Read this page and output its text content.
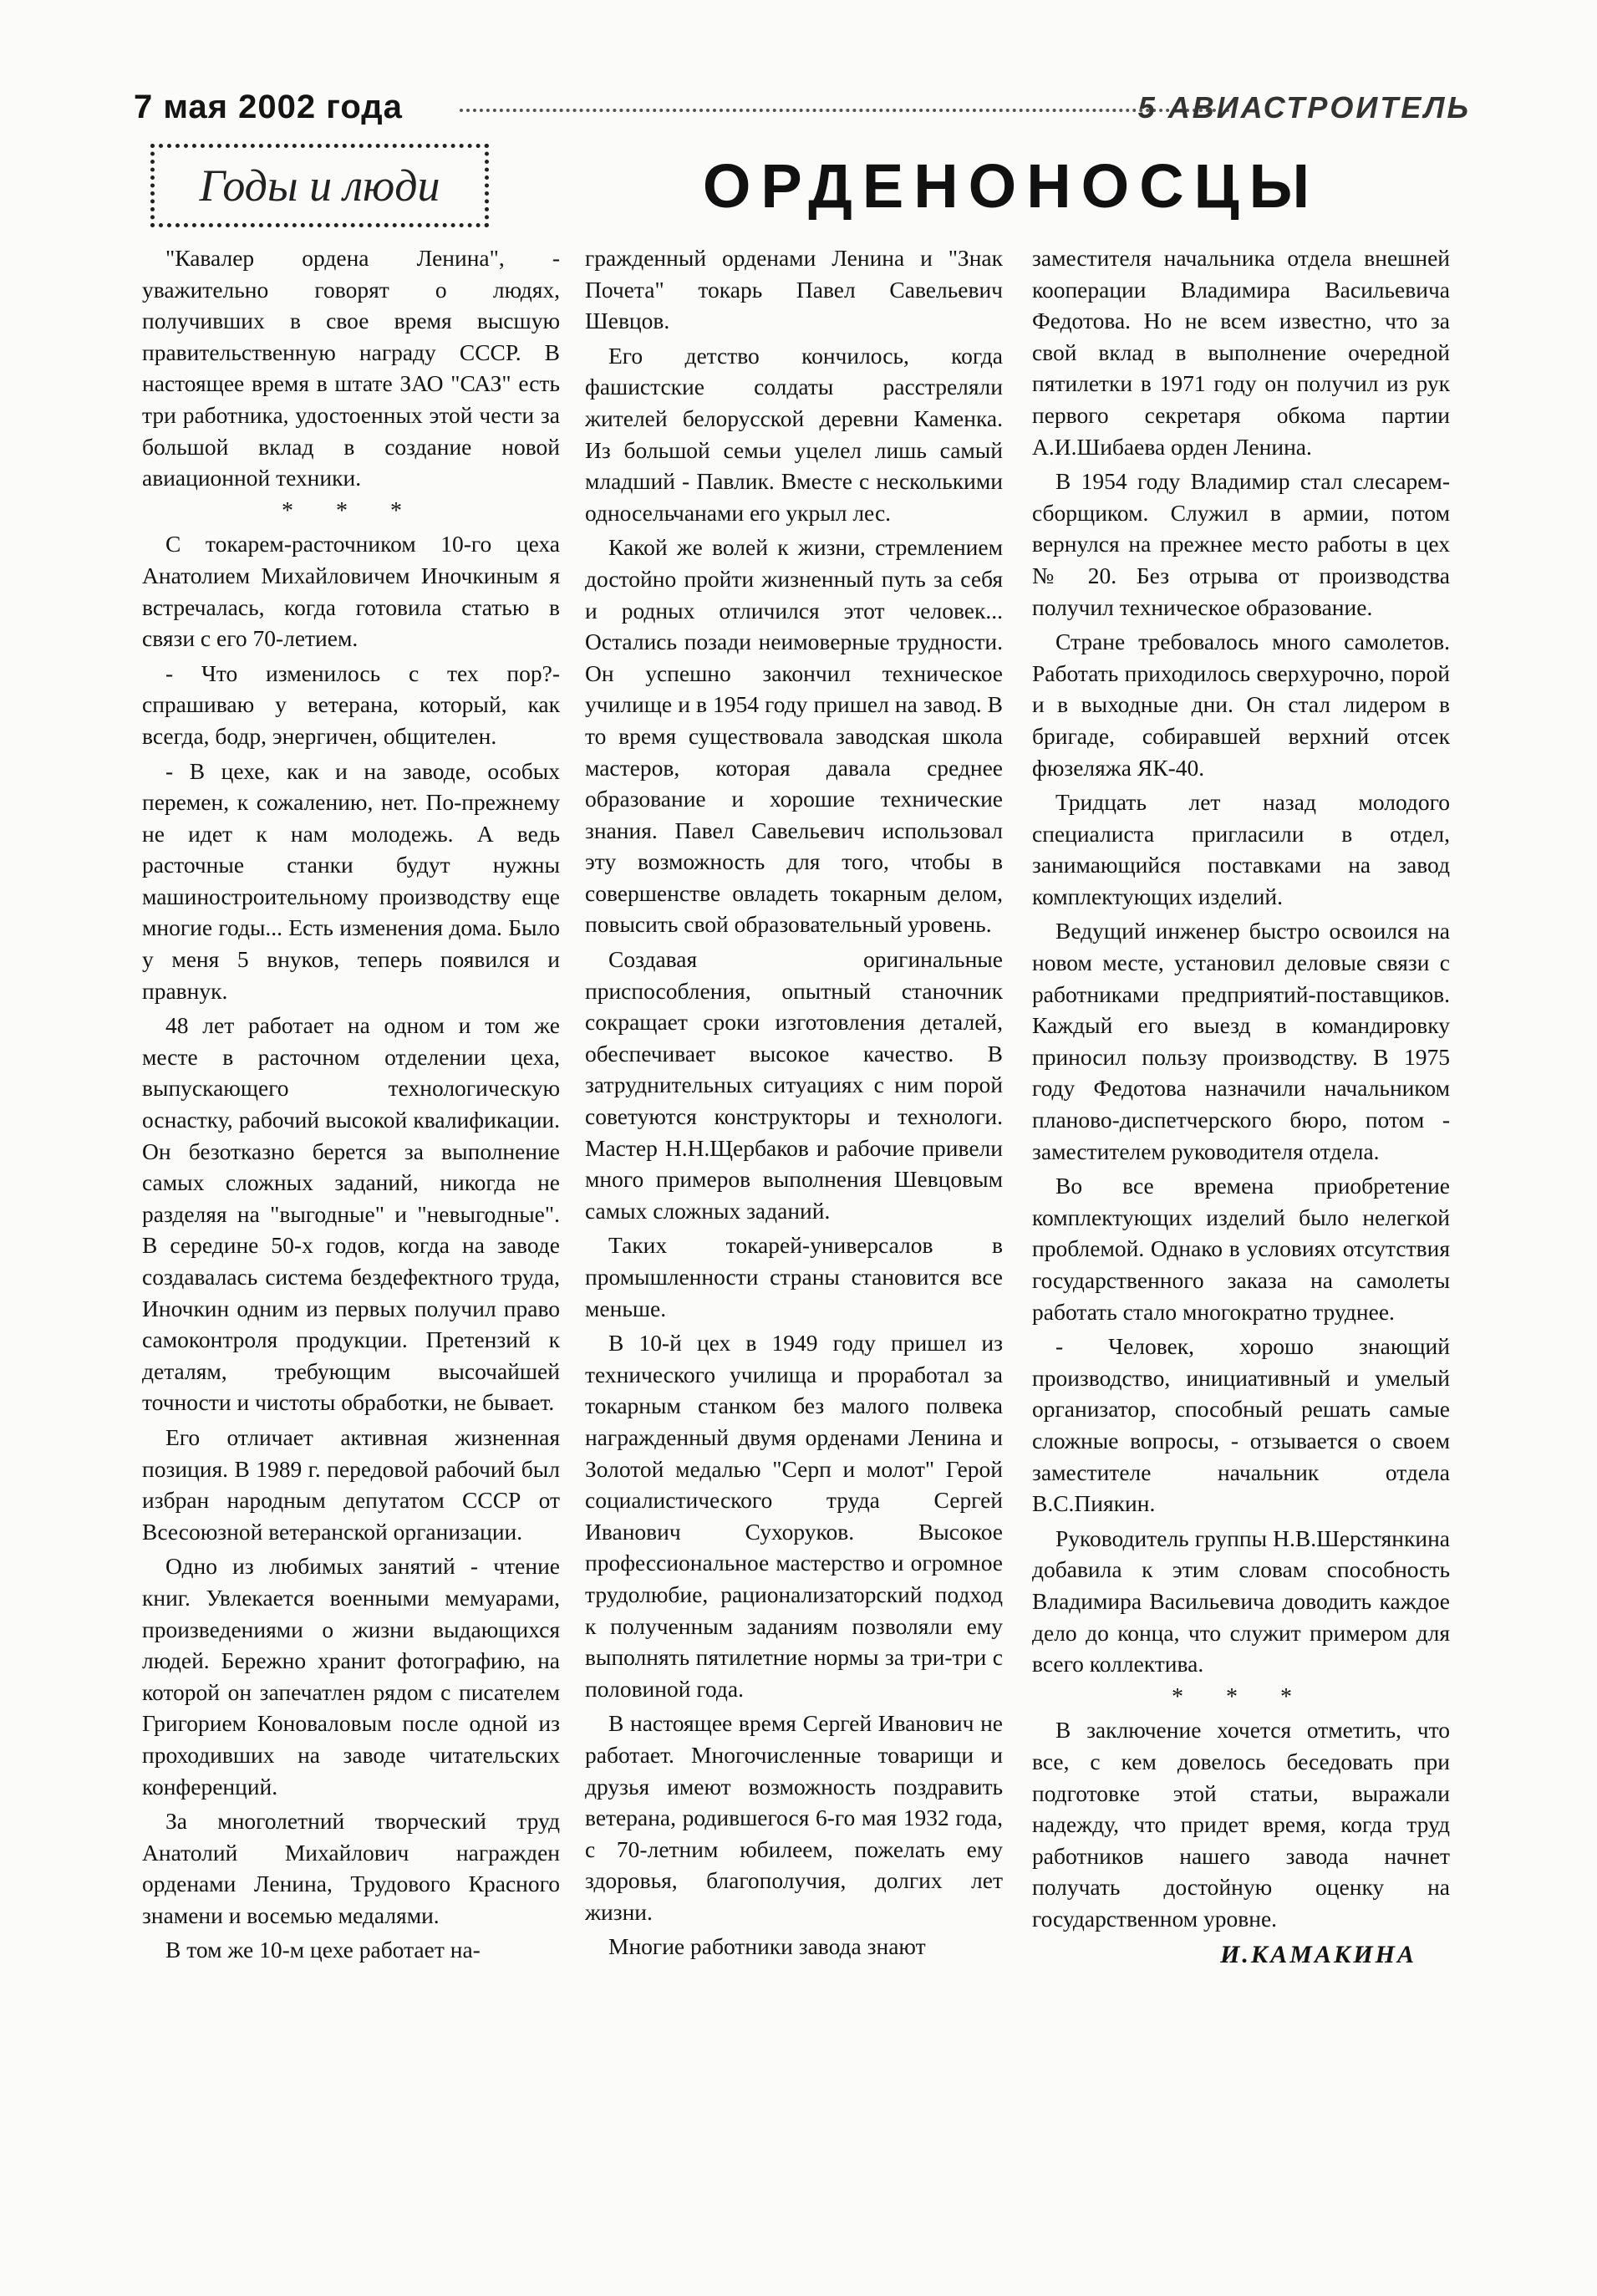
7 мая 2002 года	5 АВИАСТРОИТЕЛЬ
Годы и люди	ОРДЕНОНОСЦЫ

"Кавалер ордена Ленина", - уважительно говорят о людях, получивших в свое время высшую правительственную награду СССР. В настоящее время в штате ЗАО "САЗ" есть три работника, удостоенных этой чести за большой вклад в создание новой авиационной техники.

* * *

С токарем-расточником 10-го цеха Анатолием Михайловичем Иночкиным я встречалась, когда готовила статью в связи с его 70-летием.

- Что изменилось с тех пор?- спрашиваю у ветерана, который, как всегда, бодр, энергичен, общителен.

- В цехе, как и на заводе, особых перемен, к сожалению, нет. По-прежнему не идет к нам молодежь. А ведь расточные станки будут нужны машиностроительному производству еще многие годы... Есть изменения дома. Было у меня 5 внуков, теперь появился и правнук.

48 лет работает на одном и том же месте в расточном отделении цеха, выпускающего технологическую оснастку, рабочий высокой квалификации. Он безотказно берется за выполнение самых сложных заданий, никогда не разделяя на "выгодные" и "невыгодные". В середине 50-х годов, когда на заводе создавалась система бездефектного труда, Иночкин одним из первых получил право самоконтроля продукции. Претензий к деталям, требующим высочайшей точности и чистоты обработки, не бывает.

Его отличает активная жизненная позиция. В 1989 г. передовой рабочий был избран народным депутатом СССР от Всесоюзной ветеранской организации.

Одно из любимых занятий - чтение книг. Увлекается военными мемуарами, произведениями о жизни выдающихся людей. Бережно хранит фотографию, на которой он запечатлен рядом с писателем Григорием Коноваловым после одной из проходивших на заводе читательских конференций.

За многолетний творческий труд Анатолий Михайлович награжден орденами Ленина, Трудового Красного знамени и восемью медалями.

В том же 10-м цехе работает на-

гражденный орденами Ленина и "Знак Почета" токарь Павел Савельевич Шевцов.

Его детство кончилось, когда фашистские солдаты расстреляли жителей белорусской деревни Каменка. Из большой семьи уцелел лишь самый младший - Павлик. Вместе с несколькими односельчанами его укрыл лес.

Какой же волей к жизни, стремлением достойно пройти жизненный путь за себя и родных отличился этот человек... Остались позади неимоверные трудности. Он успешно закончил техническое училище и в 1954 году пришел на завод. В то время существовала заводская школа мастеров, которая давала среднее образование и хорошие технические знания. Павел Савельевич использовал эту возможность для того, чтобы в совершенстве овладеть токарным делом, повысить свой образовательный уровень.

Создавая оригинальные приспособления, опытный станочник сокращает сроки изготовления деталей, обеспечивает высокое качество. В затруднительных ситуациях с ним порой советуются конструкторы и технологи. Мастер Н.Н.Щербаков и рабочие привели много примеров выполнения Шевцовым самых сложных заданий.

Таких токарей-универсалов в промышленности страны становится все меньше.

В 10-й цех в 1949 году пришел из технического училища и проработал за токарным станком без малого полвека награжденный двумя орденами Ленина и Золотой медалью "Серп и молот" Герой социалистического труда Сергей Иванович Сухоруков. Высокое профессиональное мастерство и огромное трудолюбие, рационализаторский подход к полученным заданиям позволяли ему выполнять пятилетние нормы за три-три с половиной года.

В настоящее время Сергей Иванович не работает. Многочисленные товарищи и друзья имеют возможность поздравить ветерана, родившегося 6-го мая 1932 года, с 70-летним юбилеем, пожелать ему здоровья, благополучия, долгих лет жизни.

Многие работники завода знают

заместителя начальника отдела внешней кооперации Владимира Васильевича Федотова. Но не всем известно, что за свой вклад в выполнение очередной пятилетки в 1971 году он получил из рук первого секретаря обкома партии А.И.Шибаева орден Ленина.

В 1954 году Владимир стал слесарем-сборщиком. Служил в армии, потом вернулся на прежнее место работы в цех № 20. Без отрыва от производства получил техническое образование.

Стране требовалось много самолетов. Работать приходилось сверхурочно, порой и в выходные дни. Он стал лидером в бригаде, собиравшей верхний отсек фюзеляжа ЯК-40.

Тридцать лет назад молодого специалиста пригласили в отдел, занимающийся поставками на завод комплектующих изделий.

Ведущий инженер быстро освоился на новом месте, установил деловые связи с работниками предприятий-поставщиков. Каждый его выезд в командировку приносил пользу производству. В 1975 году Федотова назначили начальником планово-диспетчерского бюро, потом - заместителем руководителя отдела.

Во все времена приобретение комплектующих изделий было нелегкой проблемой. Однако в условиях отсутствия государственного заказа на самолеты работать стало многократно труднее.

- Человек, хорошо знающий производство, инициативный и умелый организатор, способный решать самые сложные вопросы, - отзывается о своем заместителе начальник отдела В.С.Пиякин.

Руководитель группы Н.В.Шерстянкина добавила к этим словам способность Владимира Васильевича доводить каждое дело до конца, что служит примером для всего коллектива.

* * *

В заключение хочется отметить, что все, с кем довелось беседовать при подготовке этой статьи, выражали надежду, что придет время, когда труд работников нашего завода начнет получать достойную оценку на государственном уровне.

И.КАМАКИНА
